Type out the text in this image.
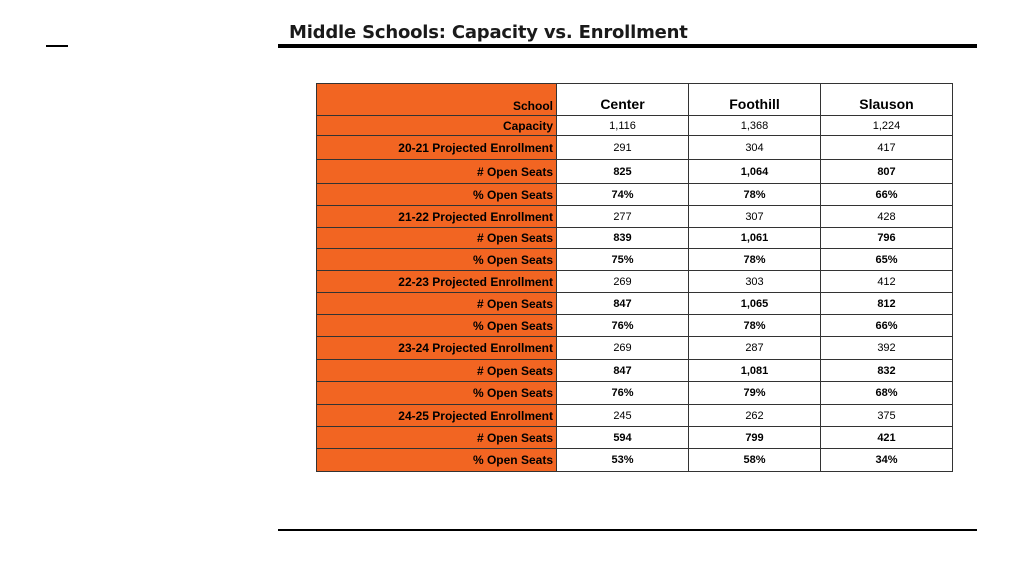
Middle Schools: Capacity vs. Enrollment
School	Center	Foothill	Slauson
Capacity	1,116	1,368	1,224
20-21 Projected Enrollment	291	304	417
# Open Seats	825	1,064	807
% Open Seats	74%	78%	66%
21-22 Projected Enrollment	277	307	428
# Open Seats	839	1,061	796
% Open Seats	75%	78%	65%
22-23 Projected Enrollment	269	303	412
# Open Seats	847	1,065	812
% Open Seats	76%	78%	66%
23-24 Projected Enrollment	269	287	392
# Open Seats	847	1,081	832
% Open Seats	76%	79%	68%
24-25 Projected Enrollment	245	262	375
# Open Seats	594	799	421
% Open Seats	53%	58%	34%
